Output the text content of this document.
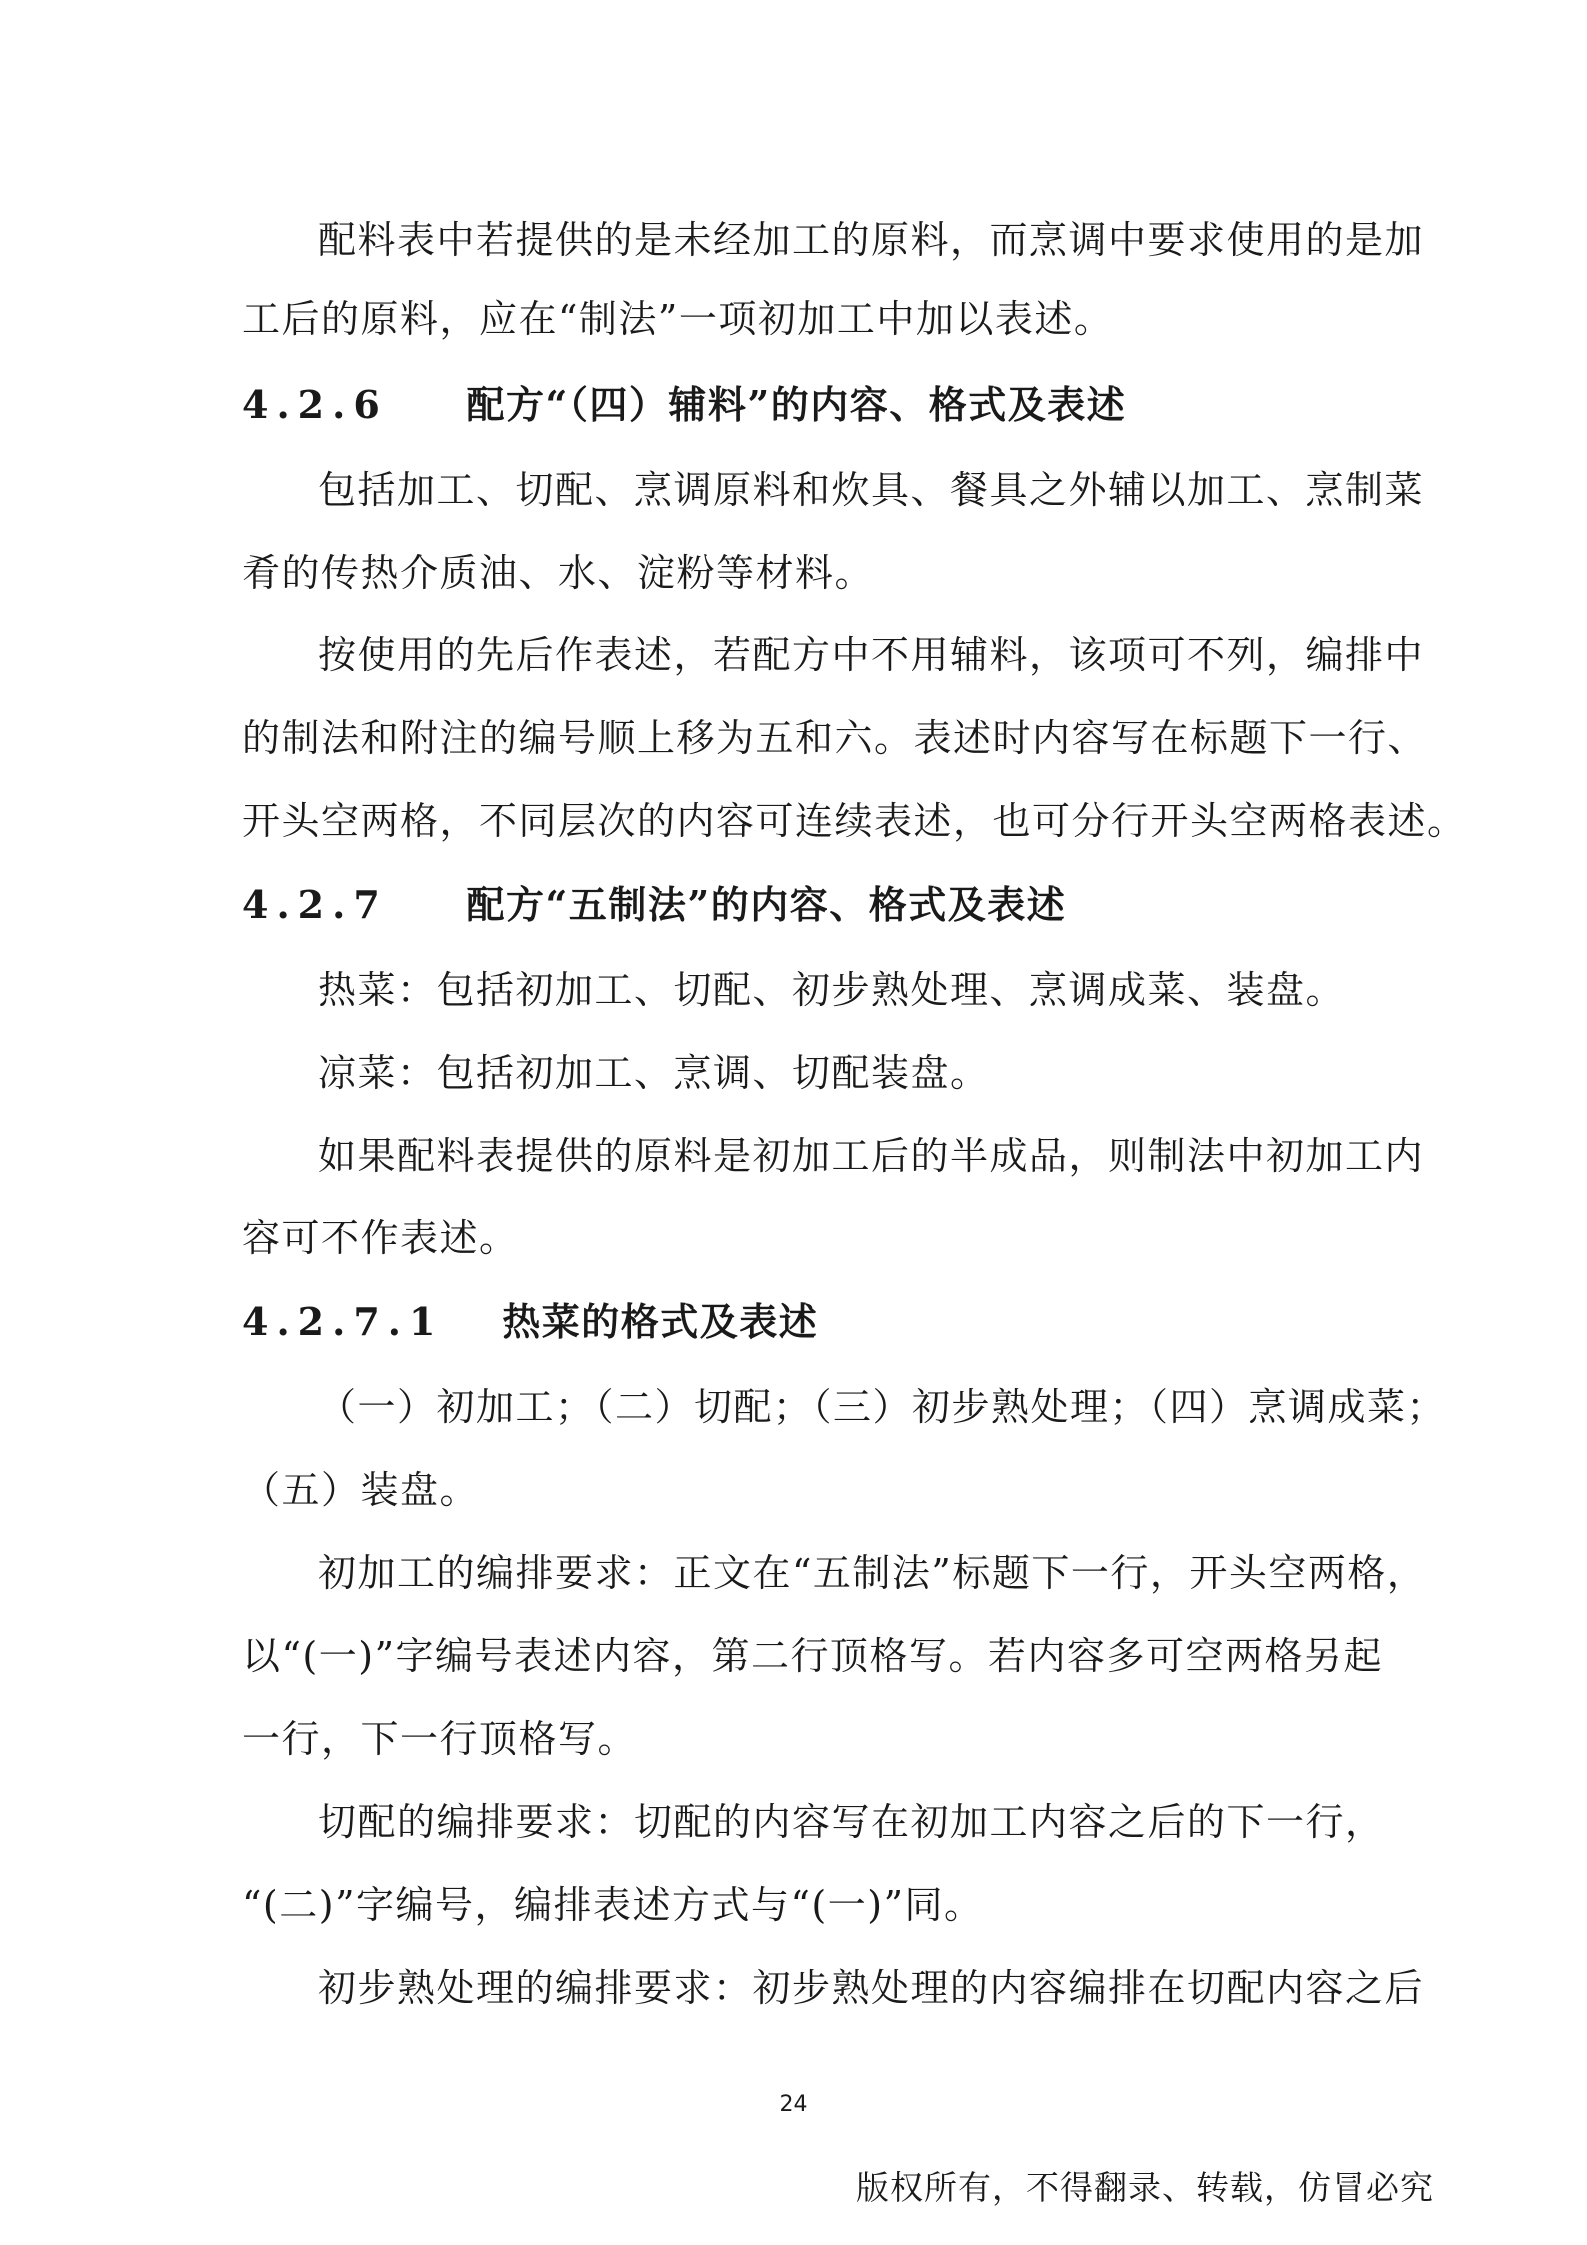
配料表中若提供的是未经加工的原料，而烹调中要求使用的是加

工后的原料，应在“制法”一项初加工中加以表述。

4.2.6 配方“（四）辅料”的内容、格式及表述

包括加工、切配、烹调原料和炊具、餐具之外辅以加工、烹制菜

肴的传热介质油、水、淀粉等材料。

按使用的先后作表述，若配方中不用辅料，该项可不列，编排中

的制法和附注的编号顺上移为五和六。表述时内容写在标题下一行、

开头空两格，不同层次的内容可连续表述，也可分行开头空两格表述。

4.2.7 配方“五制法”的内容、格式及表述

热菜：包括初加工、切配、初步熟处理、烹调成菜、装盘。

凉菜：包括初加工、烹调、切配装盘。

如果配料表提供的原料是初加工后的半成品，则制法中初加工内

容可不作表述。

4.2.7.1 热菜的格式及表述

（一）初加工；（二）切配；（三）初步熟处理；（四）烹调成菜；

（五）装盘。

初加工的编排要求：正文在“五制法”标题下一行，开头空两格，

以“(一)”字编号表述内容，第二行顶格写。若内容多可空两格另起

一行，下一行顶格写。

切配的编排要求：切配的内容写在初加工内容之后的下一行，

“(二)”字编号，编排表述方式与“(一)”同。

初步熟处理的编排要求：初步熟处理的内容编排在切配内容之后

24

版权所有，不得翻录、转载，仿冒必究
